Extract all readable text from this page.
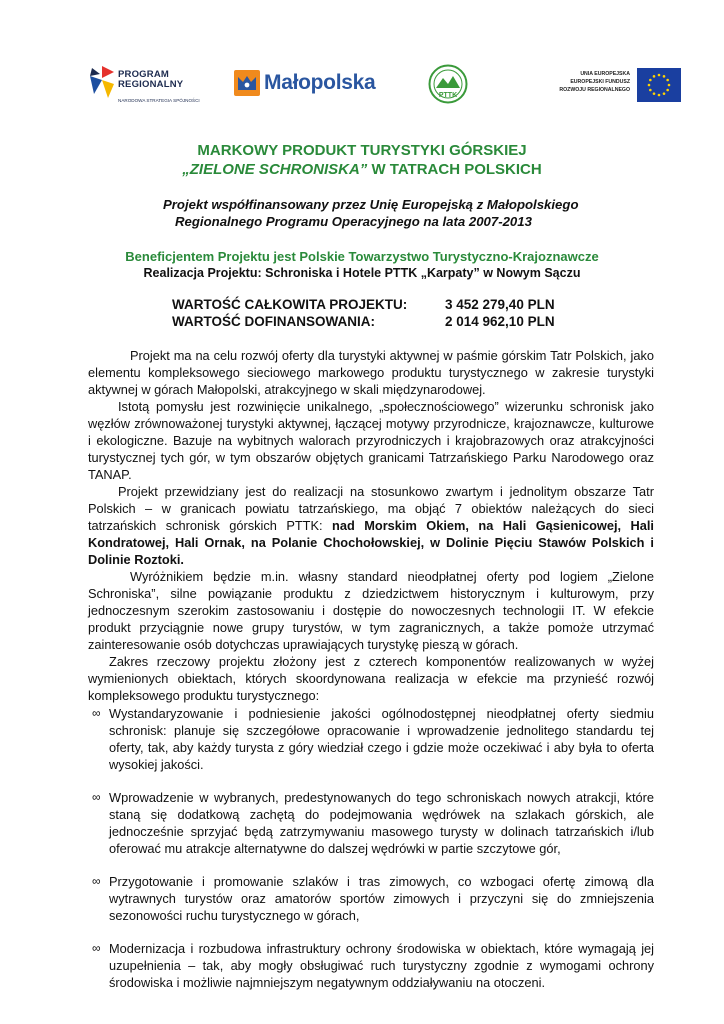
PROGRAM
REGIONALNY
NARODOWA STRATEGIA SPÓJNOŚCI
Małopolska
PTTK
UNIA EUROPEJSKA
EUROPEJSKI FUNDUSZ
ROZWOJU REGIONALNEGO
MARKOWY PRODUKT TURYSTYKI GÓRSKIEJ
„ZIELONE SCHRONISKA” W TATRACH POLSKICH
Projekt współfinansowany przez Unię Europejską z Małopolskiego
Regionalnego Programu Operacyjnego na lata 2007-2013
Beneficjentem Projektu jest Polskie Towarzystwo Turystyczno-Krajoznawcze
Realizacja Projektu: Schroniska i Hotele PTTK „Karpaty” w Nowym Sączu
WARTOŚĆ CAŁKOWITA PROJEKTU:	3 452 279,40 PLN
WARTOŚĆ DOFINANSOWANIA:	2 014 962,10 PLN

Projekt ma na celu rozwój oferty dla turystyki aktywnej w paśmie górskim Tatr Polskich, jako elementu kompleksowego sieciowego markowego produktu turystycznego w zakresie turystyki aktywnej w górach Małopolski, atrakcyjnego w skali międzynarodowej.

Istotą pomysłu jest rozwinięcie unikalnego, „społecznościowego” wizerunku schronisk jako węzłów zrównoważonej turystyki aktywnej, łączącej motywy przyrodnicze, krajoznawcze, kulturowe i ekologiczne. Bazuje na wybitnych walorach przyrodniczych i krajobrazowych oraz atrakcyjności turystycznej tych gór, w tym obszarów objętych granicami Tatrzańskiego Parku Narodowego oraz TANAP.

Projekt przewidziany jest do realizacji na stosunkowo zwartym i jednolitym obszarze Tatr Polskich – w granicach powiatu tatrzańskiego, ma objąć 7 obiektów należących do sieci tatrzańskich schronisk górskich PTTK: nad Morskim Okiem, na Hali Gąsienicowej, Hali Kondratowej, Hali Ornak, na Polanie Chochołowskiej, w Dolinie Pięciu Stawów Polskich i Dolinie Roztoki.

Wyróżnikiem będzie m.in. własny standard nieodpłatnej oferty pod logiem „Zielone Schroniska”, silne powiązanie produktu z dziedzictwem historycznym i kulturowym, przy jednoczesnym szerokim zastosowaniu i dostępie do nowoczesnych technologii IT. W efekcie produkt przyciągnie nowe grupy turystów, w tym zagranicznych, a także pomoże utrzymać zainteresowanie osób dotychczas uprawiających turystykę pieszą w górach.

Zakres rzeczowy projektu złożony jest z czterech komponentów realizowanych w wyżej wymienionych obiektach, których skoordynowana realizacja w efekcie ma przynieść rozwój kompleksowego produktu turystycznego:

∞ Wystandaryzowanie i podniesienie jakości ogólnodostępnej nieodpłatnej oferty siedmiu schronisk: planuje się szczegółowe opracowanie i wprowadzenie jednolitego standardu tej oferty, tak, aby każdy turysta z góry wiedział czego i gdzie może oczekiwać i aby była to oferta wysokiej jakości.
∞ Wprowadzenie w wybranych, predestynowanych do tego schroniskach nowych atrakcji, które staną się dodatkową zachętą do podejmowania wędrówek na szlakach górskich, ale jednocześnie sprzyjać będą zatrzymywaniu masowego turysty w dolinach tatrzańskich i/lub oferować mu atrakcje alternatywne do dalszej wędrówki w partie szczytowe gór,
∞ Przygotowanie i promowanie szlaków i tras zimowych, co wzbogaci ofertę zimową dla wytrawnych turystów oraz amatorów sportów zimowych i przyczyni się do zmniejszenia sezonowości ruchu turystycznego w górach,
∞ Modernizacja i rozbudowa infrastruktury ochrony środowiska w obiektach, które wymagają jej uzupełnienia – tak, aby mogły obsługiwać ruch turystyczny zgodnie z wymogami ochrony środowiska i możliwie najmniejszym negatywnym oddziaływaniu na otoczeni.
